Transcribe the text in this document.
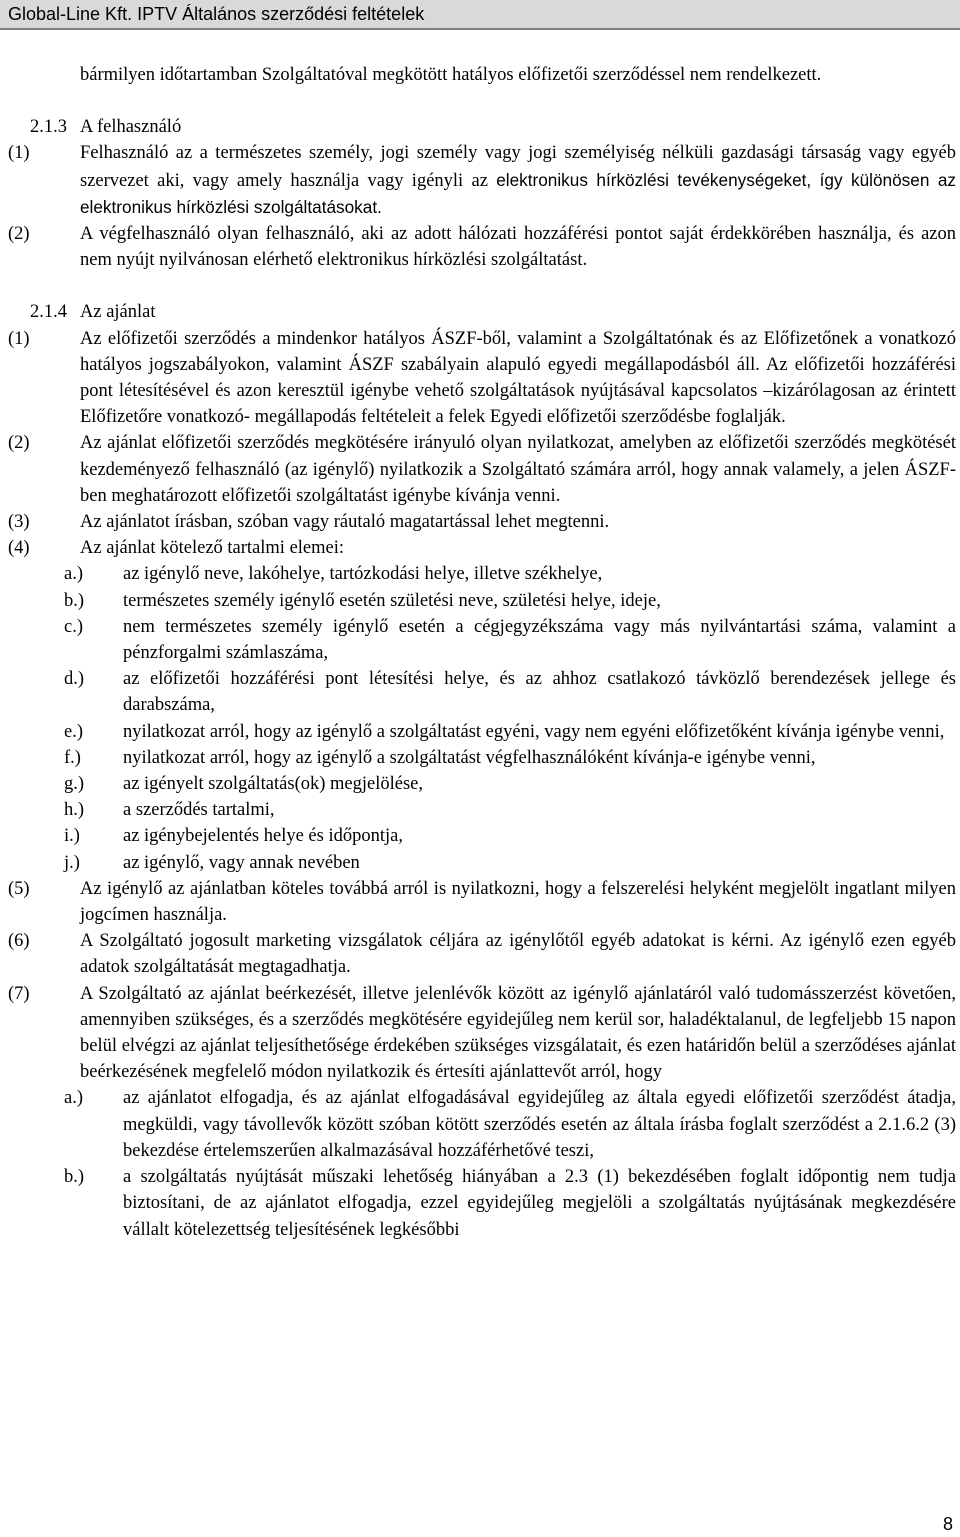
Global-Line Kft. IPTV Általános szerződési feltételek
bármilyen időtartamban Szolgáltatóval megkötött hatályos előfizetői szerződéssel nem rendelkezett.
2.1.3 A felhasználó
(1)	Felhasználó az a természetes személy, jogi személy vagy jogi személyiség nélküli gazdasági társaság vagy egyéb szervezet aki, vagy amely használja vagy igényli az elektronikus hírközlési tevékenységeket, így különösen az elektronikus hírközlési szolgáltatásokat.
(2)	A végfelhasználó olyan felhasználó, aki az adott hálózati hozzáférési pontot saját érdekkörében használja, és azon nem nyújt nyilvánosan elérhető elektronikus hírközlési szolgáltatást.
2.1.4 Az ajánlat
(1)	Az előfizetői szerződés a mindenkor hatályos ÁSZF-ből, valamint a Szolgáltatónak és az Előfizetőnek a vonatkozó hatályos jogszabályokon, valamint ÁSZF szabályain alapuló egyedi megállapodásból áll. Az előfizetői hozzáférési pont létesítésével és azon keresztül igénybe vehető szolgáltatások nyújtásával kapcsolatos –kizárólagosan az érintett Előfizetőre vonatkozó- megállapodás feltételeit a felek Egyedi előfizetői szerződésbe foglalják.
(2)	Az ajánlat előfizetői szerződés megkötésére irányuló olyan nyilatkozat, amelyben az előfizetői szerződés megkötését kezdeményező felhasználó (az igénylő) nyilatkozik a Szolgáltató számára arról, hogy annak valamely, a jelen ÁSZF-ben meghatározott előfizetői szolgáltatást igénybe kívánja venni.
(3)	Az ajánlatot írásban, szóban vagy ráutaló magatartással lehet megtenni.
(4)	Az ajánlat kötelező tartalmi elemei:
a.) az igénylő neve, lakóhelye, tartózkodási helye, illetve székhelye,
b.) természetes személy igénylő esetén születési neve, születési helye, ideje,
c.) nem természetes személy igénylő esetén a cégjegyzékszáma vagy más nyilvántartási száma, valamint a pénzforgalmi számlaszáma,
d.) az előfizetői hozzáférési pont létesítési helye, és az ahhoz csatlakozó távközlő berendezések jellege és darabszáma,
e.) nyilatkozat arról, hogy az igénylő a szolgáltatást egyéni, vagy nem egyéni előfizetőként kívánja igénybe venni,
f.) nyilatkozat arról, hogy az igénylő a szolgáltatást végfelhasználóként kívánja-e igénybe venni,
g.) az igényelt szolgáltatás(ok) megjelölése,
h.) a szerződés tartalmi,
i.) az igénybejelentés helye és időpontja,
j.) az igénylő, vagy annak nevében
(5)	Az igénylő az ajánlatban köteles továbbá arról is nyilatkozni, hogy a felszerelési helyként megjelölt ingatlant milyen jogcímen használja.
(6)	A Szolgáltató jogosult marketing vizsgálatok céljára az igénylőtől egyéb adatokat is kérni. Az igénylő ezen egyéb adatok szolgáltatását megtagadhatja.
(7)	A Szolgáltató az ajánlat beérkezését, illetve jelenlévők között az igénylő ajánlatáról való tudomásszerzést követően, amennyiben szükséges, és a szerződés megkötésére egyidejűleg nem kerül sor, haladéktalanul, de legfeljebb 15 napon belül elvégzi az ajánlat teljesíthetősége érdekében szükséges vizsgálatait, és ezen határidőn belül a szerződéses ajánlat beérkezésének megfelelő módon nyilatkozik és értesíti ajánlattevőt arról, hogy
a.) az ajánlatot elfogadja, és az ajánlat elfogadásával egyidejűleg az általa egyedi előfizetői szerződést átadja, megküldi, vagy távollevők között szóban kötött szerződés esetén az általa írásba foglalt szerződést a 2.1.6.2 (3) bekezdése értelemszerűen alkalmazásával hozzáférhetővé teszi,
b.) a szolgáltatás nyújtását műszaki lehetőség hiányában a 2.3 (1) bekezdésében foglalt időpontig nem tudja biztosítani, de az ajánlatot elfogadja, ezzel egyidejűleg megjelöli a szolgáltatás nyújtásának megkezdésére vállalt kötelezettség teljesítésének legkésőbbi
8
